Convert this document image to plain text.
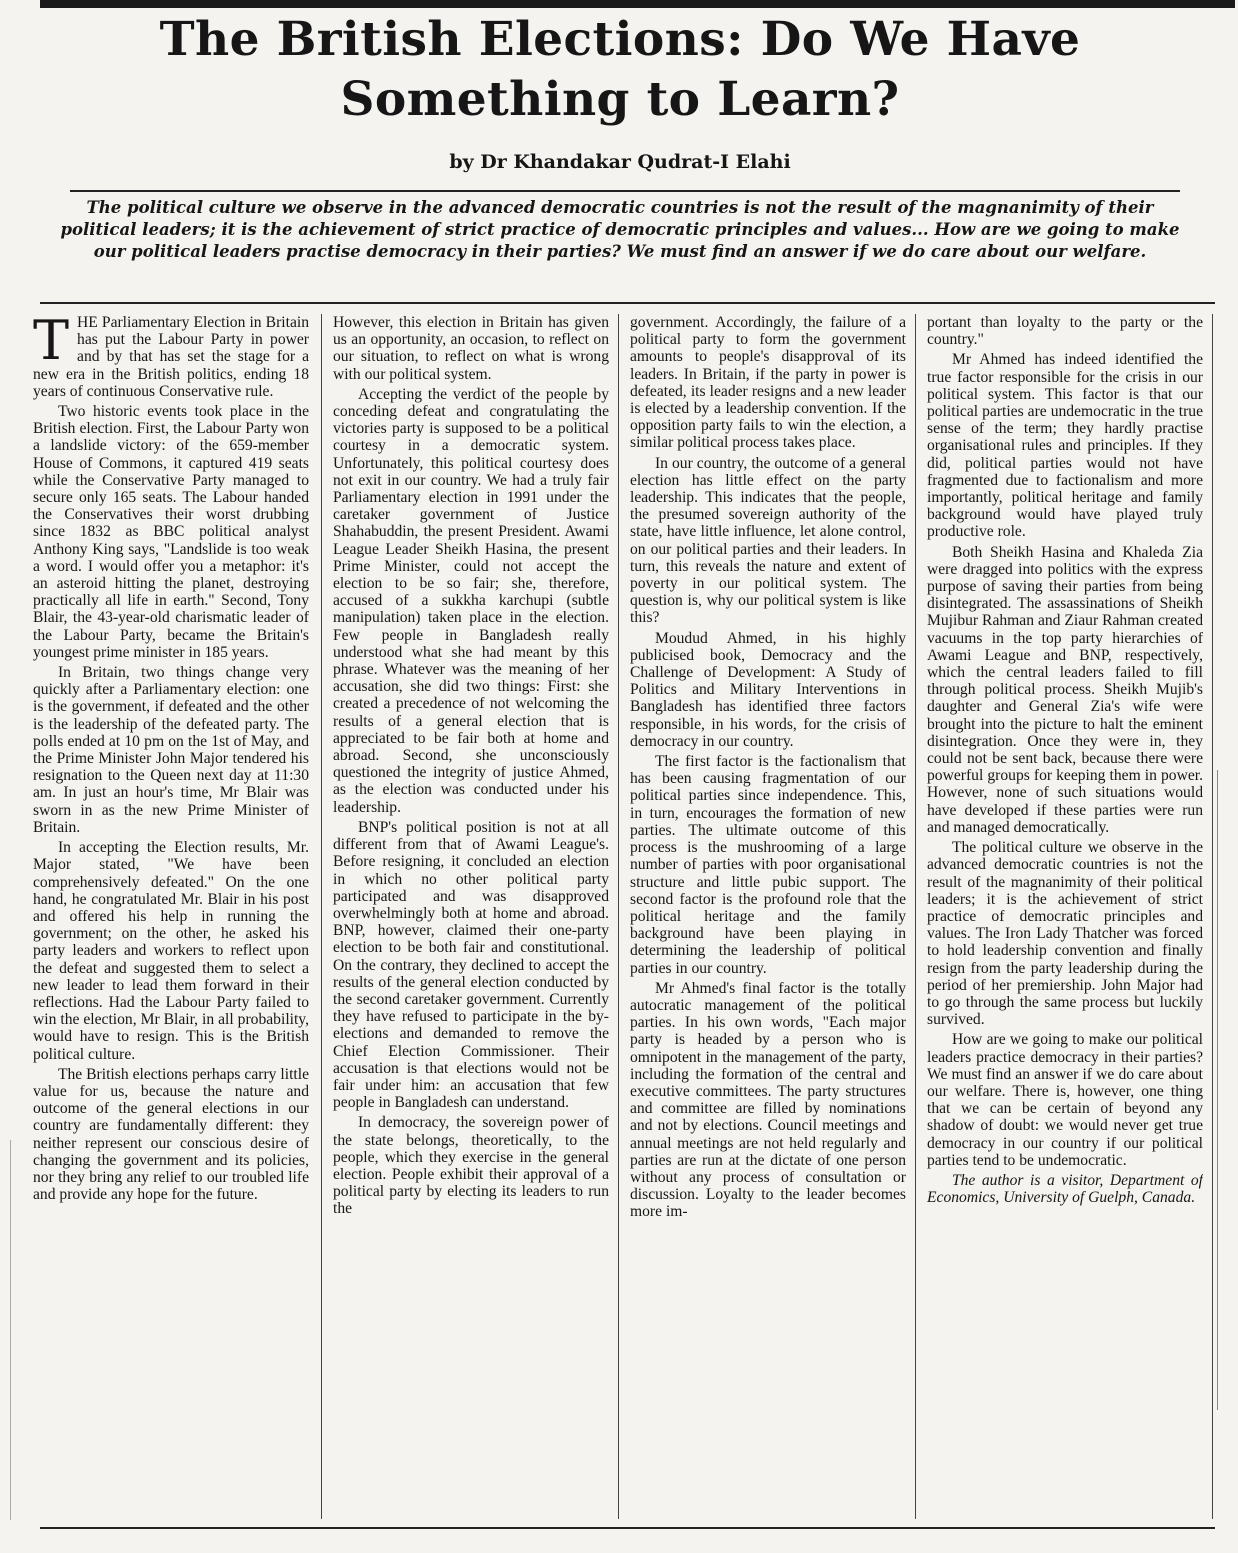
The British Elections: Do We Have Something to Learn?
by Dr Khandakar Qudrat-I Elahi
The political culture we observe in the advanced democratic countries is not the result of the magnanimity of their political leaders; it is the achievement of strict practice of democratic principles and values... How are we going to make our political leaders practise democracy in their parties? We must find an answer if we do care about our welfare.

THE Parliamentary Election in Britain has put the Labour Party in power and by that has set the stage for a new era in the British politics, ending 18 years of continuous Conservative rule.

Two historic events took place in the British election. First, the Labour Party won a landslide victory: of the 659-member House of Commons, it captured 419 seats while the Conservative Party managed to secure only 165 seats. The Labour handed the Conservatives their worst drubbing since 1832 as BBC political analyst Anthony King says, "Landslide is too weak a word. I would offer you a metaphor: it's an asteroid hitting the planet, destroying practically all life in earth." Second, Tony Blair, the 43-year-old charismatic leader of the Labour Party, became the Britain's youngest prime minister in 185 years.

In Britain, two things change very quickly after a Parliamentary election: one is the government, if defeated and the other is the leadership of the defeated party. The polls ended at 10 pm on the 1st of May, and the Prime Minister John Major tendered his resignation to the Queen next day at 11:30 am. In just an hour's time, Mr Blair was sworn in as the new Prime Minister of Britain.

In accepting the Election results, Mr. Major stated, "We have been comprehensively defeated." On the one hand, he congratulated Mr. Blair in his post and offered his help in running the government; on the other, he asked his party leaders and workers to reflect upon the defeat and suggested them to select a new leader to lead them forward in their reflections. Had the Labour Party failed to win the election, Mr Blair, in all probability, would have to resign. This is the British political culture.

The British elections perhaps carry little value for us, because the nature and outcome of the general elections in our country are fundamentally different: they neither represent our conscious desire of changing the government and its policies, nor they bring any relief to our troubled life and provide any hope for the future.

However, this election in Britain has given us an opportunity, an occasion, to reflect on our situation, to reflect on what is wrong with our political system.

Accepting the verdict of the people by conceding defeat and congratulating the victories party is supposed to be a political courtesy in a democratic system. Unfortunately, this political courtesy does not exit in our country. We had a truly fair Parliamentary election in 1991 under the caretaker government of Justice Shahabuddin, the present President. Awami League Leader Sheikh Hasina, the present Prime Minister, could not accept the election to be so fair; she, therefore, accused of a sukkha karchupi (subtle manipulation) taken place in the election. Few people in Bangladesh really understood what she had meant by this phrase. Whatever was the meaning of her accusation, she did two things: First: she created a precedence of not welcoming the results of a general election that is appreciated to be fair both at home and abroad. Second, she unconsciously questioned the integrity of justice Ahmed, as the election was conducted under his leadership.

BNP's political position is not at all different from that of Awami League's. Before resigning, it concluded an election in which no other political party participated and was disapproved overwhelmingly both at home and abroad. BNP, however, claimed their one-party election to be both fair and constitutional. On the contrary, they declined to accept the results of the general election conducted by the second caretaker government. Currently they have refused to participate in the by-elections and demanded to remove the Chief Election Commissioner. Their accusation is that elections would not be fair under him: an accusation that few people in Bangladesh can understand.

In democracy, the sovereign power of the state belongs, theoretically, to the people, which they exercise in the general election. People exhibit their approval of a political party by electing its leaders to run the

government. Accordingly, the failure of a political party to form the government amounts to people's disapproval of its leaders. In Britain, if the party in power is defeated, its leader resigns and a new leader is elected by a leadership convention. If the opposition party fails to win the election, a similar political process takes place.

In our country, the outcome of a general election has little effect on the party leadership. This indicates that the people, the presumed sovereign authority of the state, have little influence, let alone control, on our political parties and their leaders. In turn, this reveals the nature and extent of poverty in our political system. The question is, why our political system is like this?

Moudud Ahmed, in his highly publicised book, Democracy and the Challenge of Development: A Study of Politics and Military Interventions in Bangladesh has identified three factors responsible, in his words, for the crisis of democracy in our country.

The first factor is the factionalism that has been causing fragmentation of our political parties since independence. This, in turn, encourages the formation of new parties. The ultimate outcome of this process is the mushrooming of a large number of parties with poor organisational structure and little pubic support. The second factor is the profound role that the political heritage and the family background have been playing in determining the leadership of political parties in our country.

Mr Ahmed's final factor is the totally autocratic management of the political parties. In his own words, "Each major party is headed by a person who is omnipotent in the management of the party, including the formation of the central and executive committees. The party structures and committee are filled by nominations and not by elections. Council meetings and annual meetings are not held regularly and parties are run at the dictate of one person without any process of consultation or discussion. Loyalty to the leader becomes more im-

portant than loyalty to the party or the country."

Mr Ahmed has indeed identified the true factor responsible for the crisis in our political system. This factor is that our political parties are undemocratic in the true sense of the term; they hardly practise organisational rules and principles. If they did, political parties would not have fragmented due to factionalism and more importantly, political heritage and family background would have played truly productive role.

Both Sheikh Hasina and Khaleda Zia were dragged into politics with the express purpose of saving their parties from being disintegrated. The assassinations of Sheikh Mujibur Rahman and Ziaur Rahman created vacuums in the top party hierarchies of Awami League and BNP, respectively, which the central leaders failed to fill through political process. Sheikh Mujib's daughter and General Zia's wife were brought into the picture to halt the eminent disintegration. Once they were in, they could not be sent back, because there were powerful groups for keeping them in power. However, none of such situations would have developed if these parties were run and managed democratically.

The political culture we observe in the advanced democratic countries is not the result of the magnanimity of their political leaders; it is the achievement of strict practice of democratic principles and values. The Iron Lady Thatcher was forced to hold leadership convention and finally resign from the party leadership during the period of her premiership. John Major had to go through the same process but luckily survived.

How are we going to make our political leaders practice democracy in their parties? We must find an answer if we do care about our welfare. There is, however, one thing that we can be certain of beyond any shadow of doubt: we would never get true democracy in our country if our political parties tend to be undemocratic.

The author is a visitor, Department of Economics, University of Guelph, Canada.
